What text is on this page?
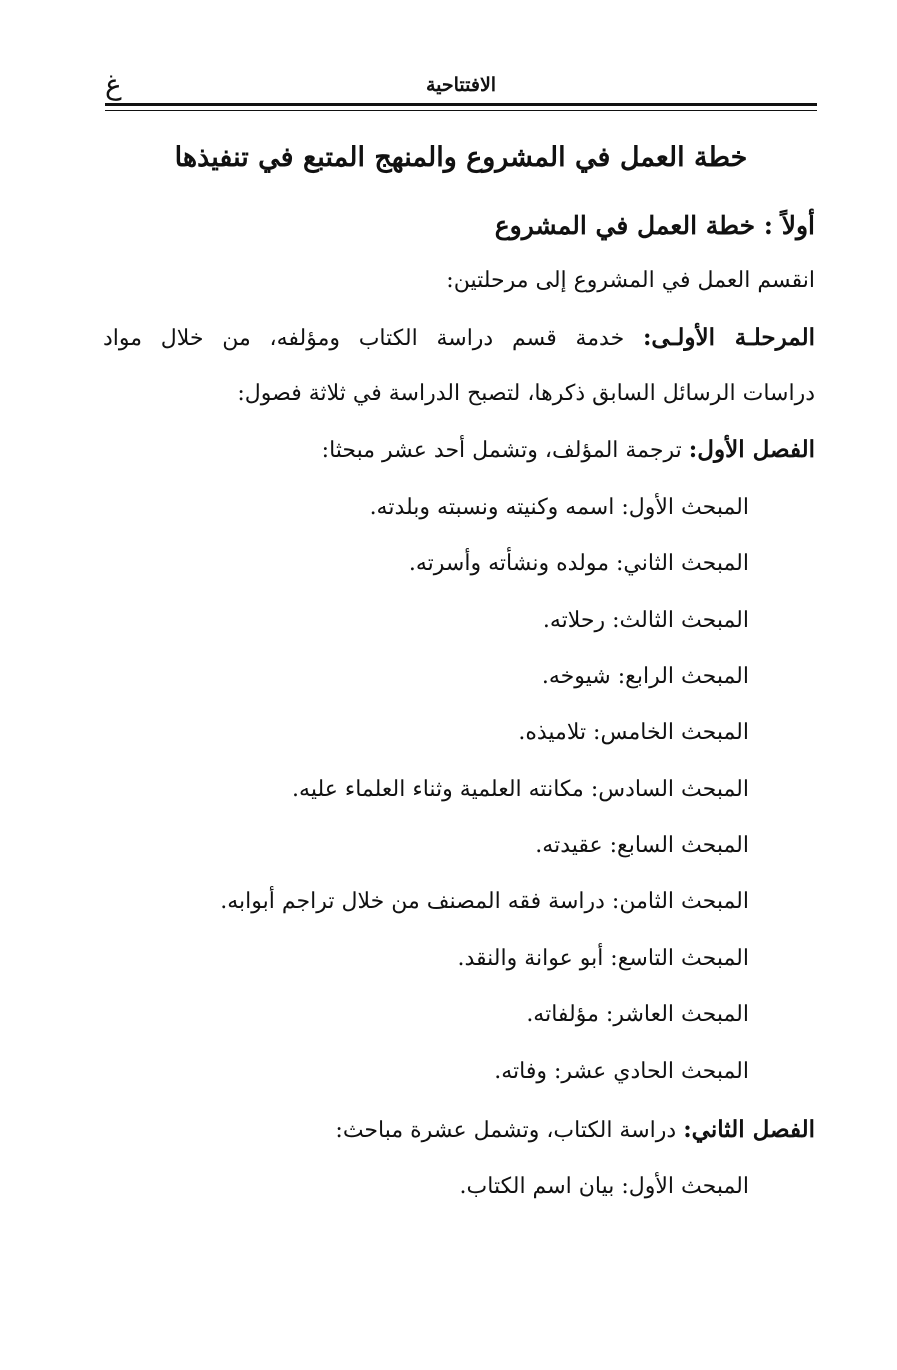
غ	الافتتاحية
خطة العمل في المشروع والمنهج المتبع في تنفيذها
أولاً : خطة العمل في المشروع
انقسم العمل في المشروع إلى مرحلتين:
المرحلـة الأولـى: خدمة قسم دراسة الكتاب ومؤلفه، من خلال مواد
دراسات الرسائل السابق ذكرها، لتصبح الدراسة في ثلاثة فصول:
الفصل الأول: ترجمة المؤلف، وتشمل أحد عشر مبحثا:
المبحث الأول: اسمه وكنيته ونسبته وبلدته.
المبحث الثاني: مولده ونشأته وأسرته.
المبحث الثالث: رحلاته.
المبحث الرابع: شيوخه.
المبحث الخامس: تلاميذه.
المبحث السادس: مكانته العلمية وثناء العلماء عليه.
المبحث السابع: عقيدته.
المبحث الثامن: دراسة فقه المصنف من خلال تراجم أبوابه.
المبحث التاسع: أبو عوانة والنقد.
المبحث العاشر: مؤلفاته.
المبحث الحادي عشر: وفاته.
الفصل الثاني: دراسة الكتاب، وتشمل عشرة مباحث:
المبحث الأول: بيان اسم الكتاب.
